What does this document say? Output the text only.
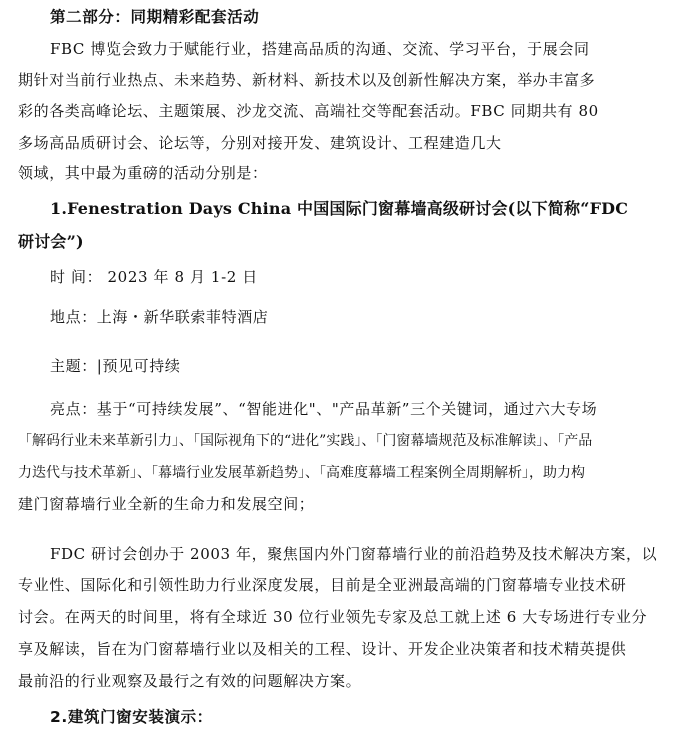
第二部分：同期精彩配套活动
FBC 博览会致力于赋能行业，搭建高品质的沟通、交流、学习平台，于展会同
期针对当前行业热点、未来趋势、新材料、新技术以及创新性解决方案，举办丰富多
彩的各类高峰论坛、主题策展、沙龙交流、高端社交等配套活动。FBC 同期共有 80
多场高品质研讨会、论坛等，分别对接开发、建筑设计、工程建造几大
领域，其中最为重磅的活动分别是：
1.Fenestration Days China 中国国际门窗幕墙高级研讨会(以下简称“FDC
研讨会”)
时 间： 2023 年 8 月 1-2 日
地点：上海・新华联索菲特酒店
主题：|预见可持续
亮点：基于“可持续发展”、“智能进化"、"产品革新”三个关键词，通过六大专场
「解码行业未来革新引力」、「国际视角下的“进化”实践」、「门窗幕墙规范及标准解读」、「产品
力迭代与技术革新」、「幕墙行业发展革新趋势」、「高难度幕墙工程案例全周期解析」，助力构
建门窗幕墙行业全新的生命力和发展空间；
FDC 研讨会创办于 2003 年，聚焦国内外门窗幕墙行业的前沿趋势及技术解决方案，以
专业性、国际化和引领性助力行业深度发展，目前是全亚洲最高端的门窗幕墙专业技术研
讨会。在两天的时间里，将有全球近 30 位行业领先专家及总工就上述 6 大专场进行专业分
享及解读，旨在为门窗幕墙行业以及相关的工程、设计、开发企业决策者和技术精英提供
最前沿的行业观察及最行之有效的问题解决方案。
2.建筑门窗安装演示：
